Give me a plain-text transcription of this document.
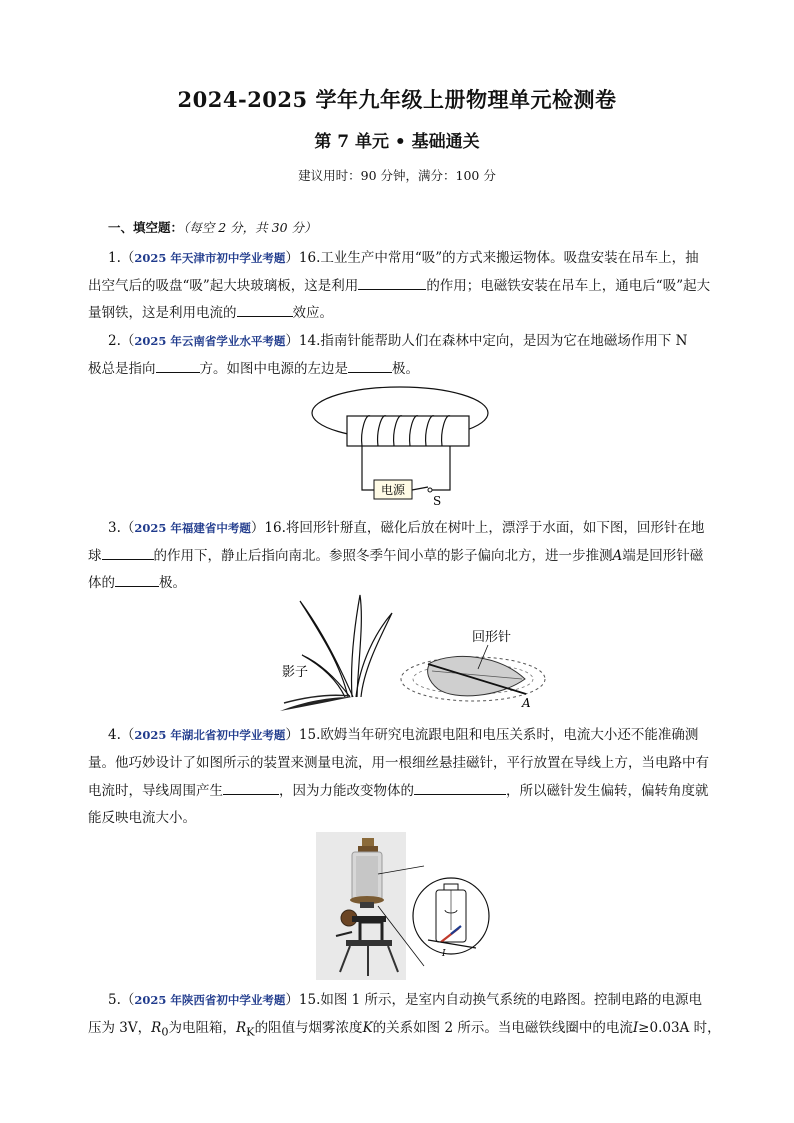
2024-2025 学年九年级上册物理单元检测卷
第 7 单元 • 基础通关
建议用时：90 分钟，满分：100 分
一、填空题：（每空 2 分，共 30 分）
1.（2025 年天津市初中学业考题）16.工业生产中常用“吸”的方式来搬运物体。吸盘安装在吊车上，抽
出空气后的吸盘“吸”起大块玻璃板，这是利用	的作用；电磁铁安装在吊车上，通电后“吸”起大
量钢铁，这是利用电流的	效应。
2.（2025 年云南省学业水平考题）14.指南针能帮助人们在森林中定向，是因为它在地磁场作用下 N
极总是指向	方。如图中电源的左边是	极。
电源
S
3.（2025 年福建省中考题）16.将回形针掰直，磁化后放在树叶上，漂浮于水面，如下图，回形针在地
球	的作用下，静止后指向南北。参照冬季午间小草的影子偏向北方，进一步推测A端是回形针磁
体的	极。
影子
回形针
A
4.（2025 年湖北省初中学业考题）15.欧姆当年研究电流跟电阻和电压关系时，电流大小还不能准确测
量。他巧妙设计了如图所示的装置来测量电流，用一根细丝悬挂磁针，平行放置在导线上方，当电路中有
电流时，导线周围产生	，因为力能改变物体的	，所以磁针发生偏转，偏转角度就
能反映电流大小。
I
5.（2025 年陕西省初中学业考题）15.如图 1 所示，是室内自动换气系统的电路图。控制电路的电源电
压为 3V，$R_0$为电阻箱，$R_K$的阻值与烟雾浓度K的关系如图 2 所示。当电磁铁线圈中的电流I≥0.03A 时，
